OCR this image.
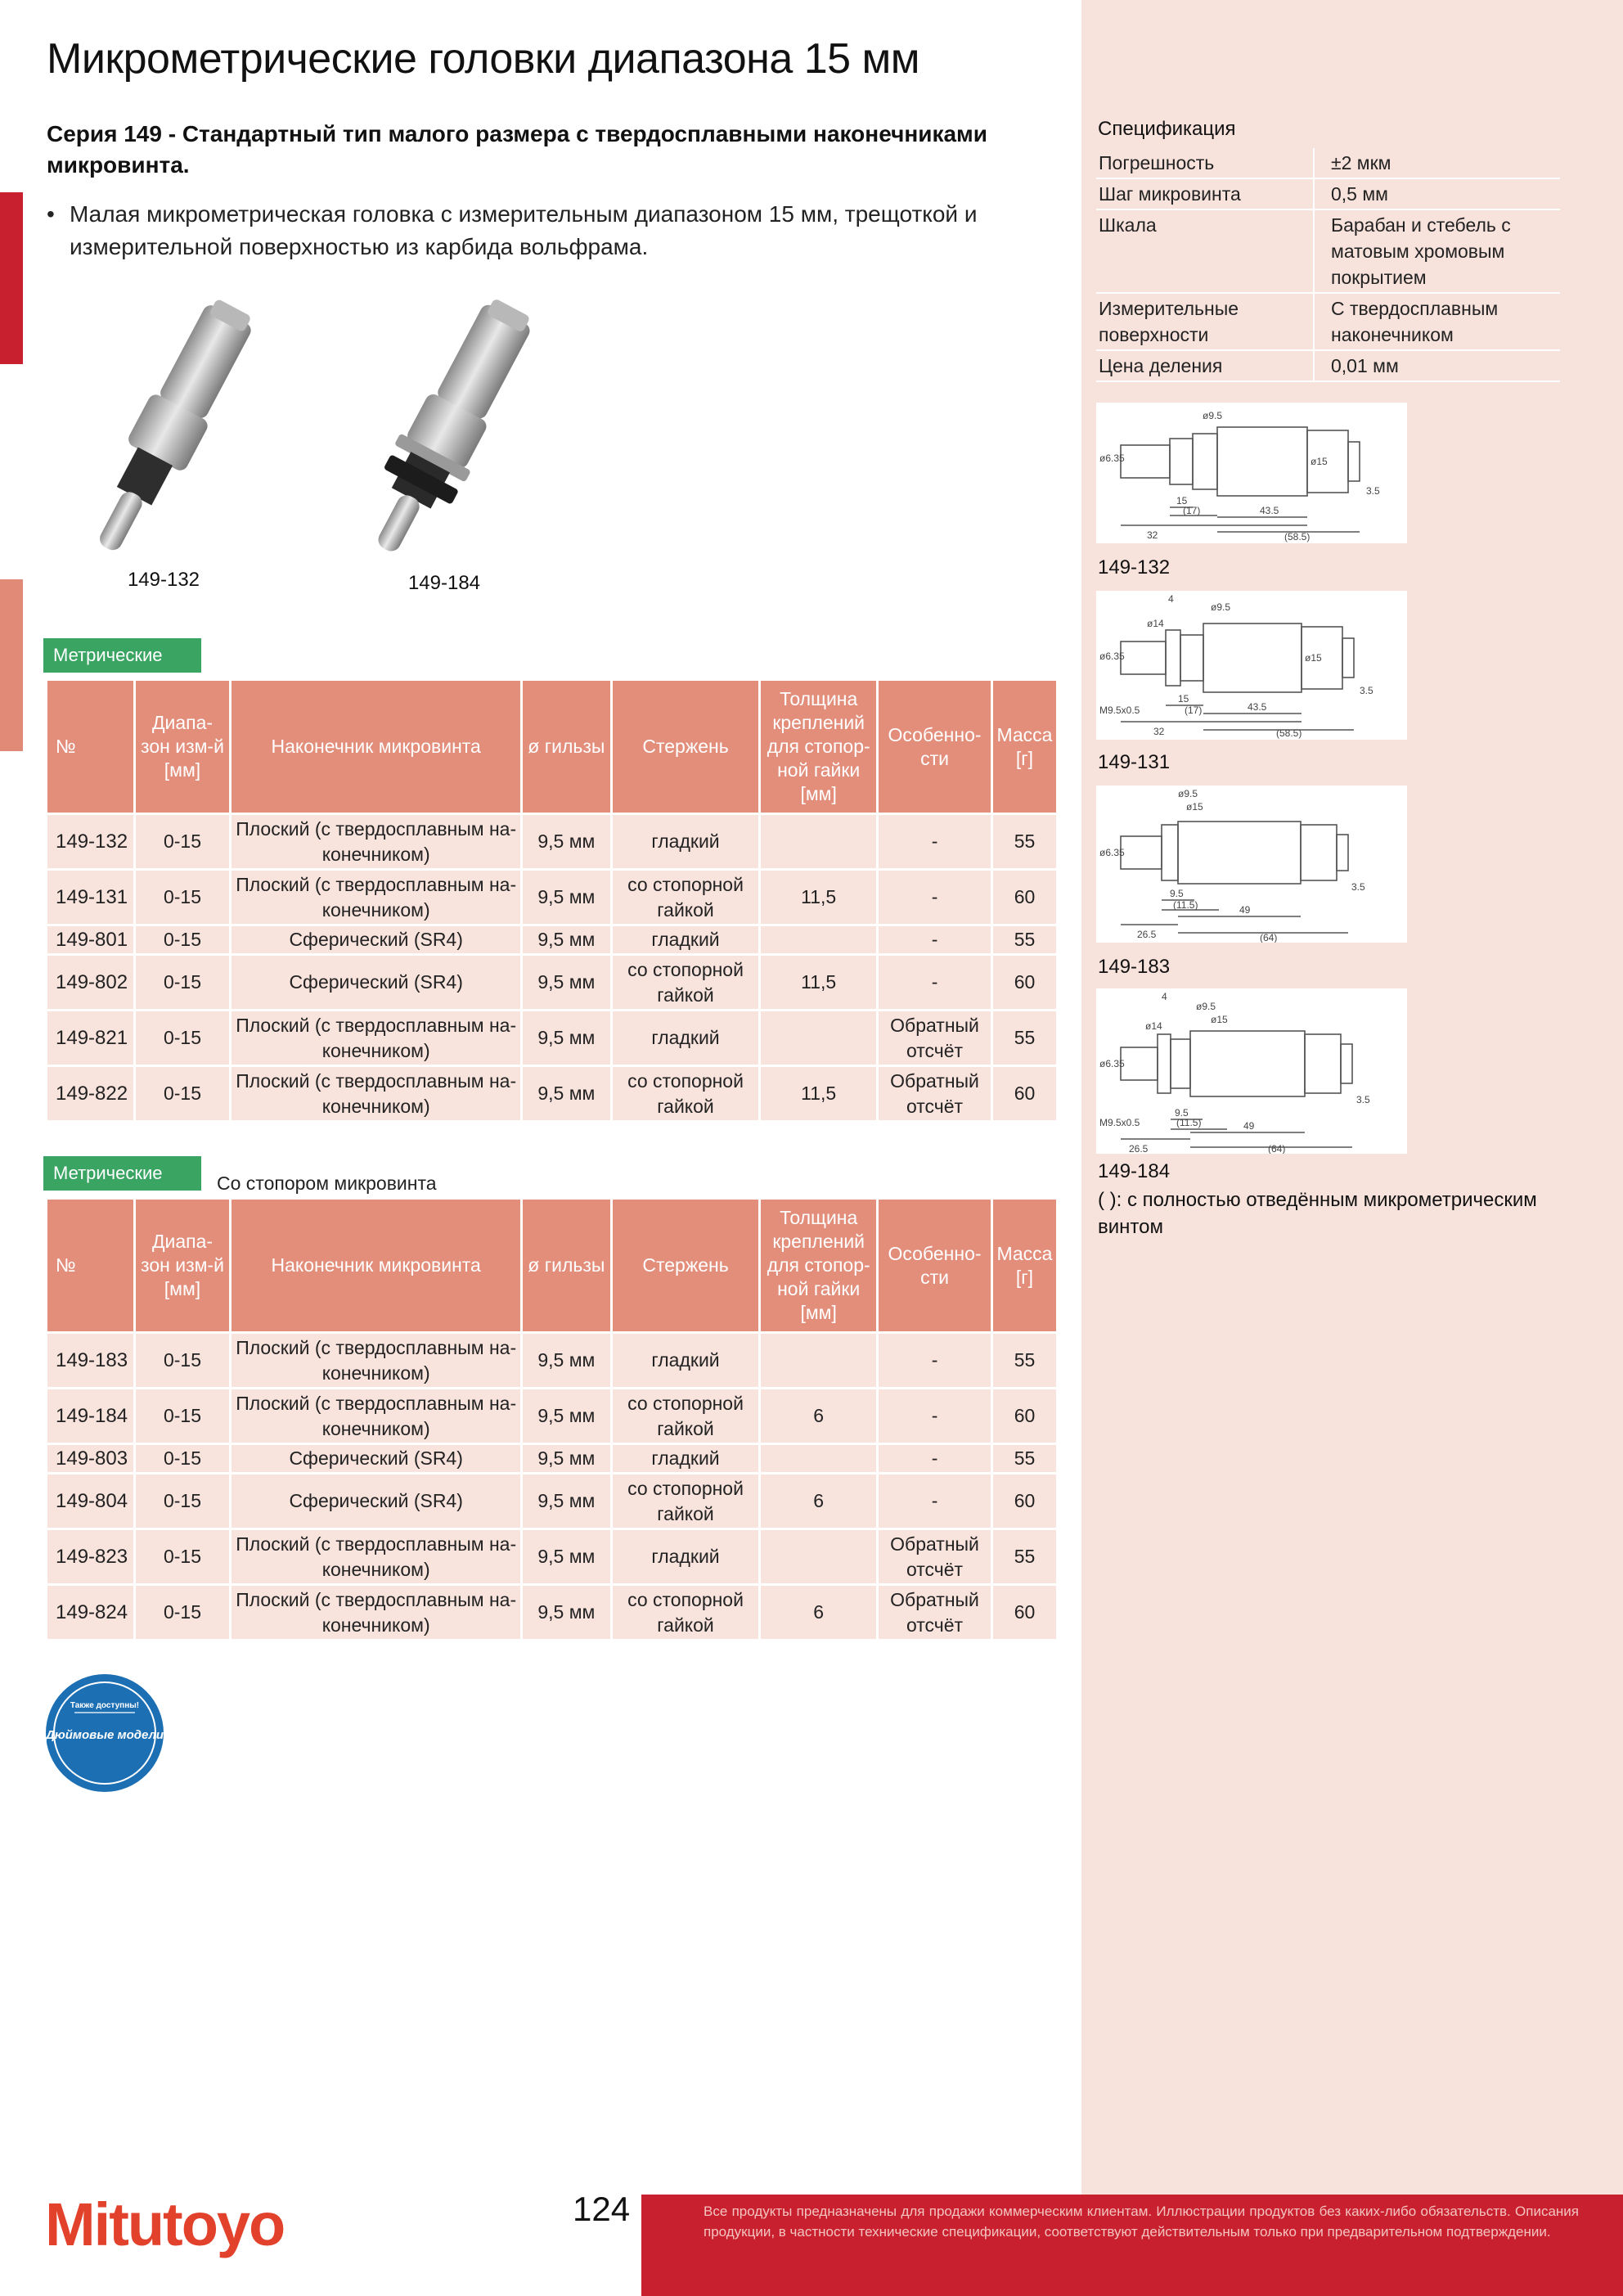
Микрометрические головки диапазона 15 мм
Серия 149 - Стандартный тип малого размера с твердосплавными наконечниками микровинта.
• Малая микрометрическая головка с измерительным диапазоном 15 мм, трещоткой и измерительной поверхностью из карбида вольфрама.
149-132	149-184
Метрические
№	Диапа-зон изм-й [мм]	Наконечник микровинта	ø гильзы	Стержень	Толщина креплений для стопор-ной гайки [мм]	Особенно-сти	Масса [г]
149-132	0-15	Плоский (с твердосплавным на-конечником)	9,5 мм	гладкий		-	55
149-131	0-15	Плоский (с твердосплавным на-конечником)	9,5 мм	со стопорной гайкой	11,5	-	60
149-801	0-15	Сферический (SR4)	9,5 мм	гладкий		-	55
149-802	0-15	Сферический (SR4)	9,5 мм	со стопорной гайкой	11,5	-	60
149-821	0-15	Плоский (с твердосплавным на-конечником)	9,5 мм	гладкий		Обратный отсчёт	55
149-822	0-15	Плоский (с твердосплавным на-конечником)	9,5 мм	со стопорной гайкой	11,5	Обратный отсчёт	60
Метрические	Со стопором микровинта
№	Диапа-зон изм-й [мм]	Наконечник микровинта	ø гильзы	Стержень	Толщина креплений для стопор-ной гайки [мм]	Особенно-сти	Масса [г]
149-183	0-15	Плоский (с твердосплавным на-конечником)	9,5 мм	гладкий		-	55
149-184	0-15	Плоский (с твердосплавным на-конечником)	9,5 мм	со стопорной гайкой	6	-	60
149-803	0-15	Сферический (SR4)	9,5 мм	гладкий		-	55
149-804	0-15	Сферический (SR4)	9,5 мм	со стопорной гайкой	6	-	60
149-823	0-15	Плоский (с твердосплавным на-конечником)	9,5 мм	гладкий		Обратный отсчёт	55
149-824	0-15	Плоский (с твердосплавным на-конечником)	9,5 мм	со стопорной гайкой	6	Обратный отсчёт	60
Спецификация
Погрешность	±2 мкм
Шаг микровинта	0,5 мм
Шкала	Барабан и стебель с матовым хромовым покрытием
Измерительные поверхности	С твердосплавным наконечником
Цена деления	0,01 мм
ø6.35
ø9.5
ø15
15
(17)	43.5
32	(58.5)
3.5
149-132
4
ø9.5
ø14
ø6.35	ø15
15
(17)	43.5
M9.5x0.5
32	(58.5)
3.5
149-131
ø9.5
ø15
ø6.35
9.5
(11.5)	49
26.5	(64)
3.5
149-183
4
ø9.5
ø15
ø14
ø6.35
9.5
(11.5)	49
M9.5x0.5
26.5	(64)
3.5
149-184
( ): с полностью отведённым микрометрическим винтом
Также доступны!
Дюймовые модели
Mitutoyo	124	Все продукты предназначены для продажи коммерческим клиентам. Иллюстрации продуктов без каких-либо обязательств. Описания продукции, в частности технические спецификации, соответствуют действительным только при предварительном подтверждении.
